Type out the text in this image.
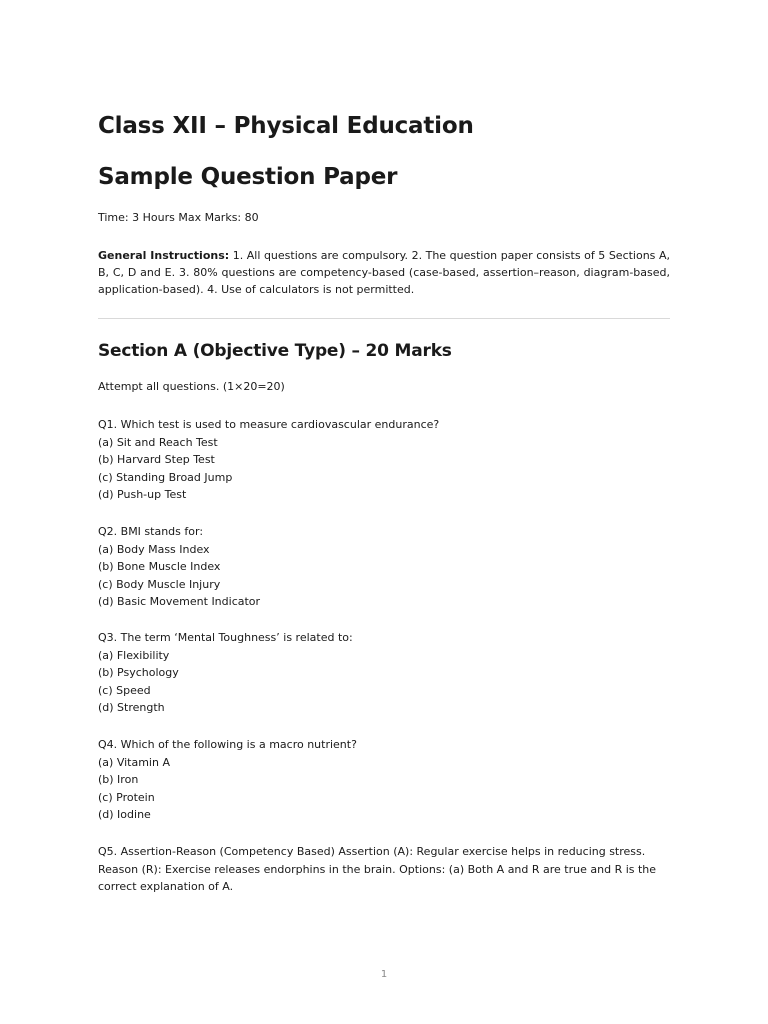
Class XII – Physical Education
Sample Question Paper
Time: 3 Hours Max Marks: 80
General Instructions: 1. All questions are compulsory. 2. The question paper consists of 5 Sections A, B, C, D and E. 3. 80% questions are competency-based (case-based, assertion–reason, diagram-based, application-based). 4. Use of calculators is not permitted.
Section A (Objective Type) – 20 Marks
Attempt all questions. (1×20=20)
Q1. Which test is used to measure cardiovascular endurance?
(a) Sit and Reach Test
(b) Harvard Step Test
(c) Standing Broad Jump
(d) Push-up Test
Q2. BMI stands for:
(a) Body Mass Index
(b) Bone Muscle Index
(c) Body Muscle Injury
(d) Basic Movement Indicator
Q3. The term ‘Mental Toughness’ is related to:
(a) Flexibility
(b) Psychology
(c) Speed
(d) Strength
Q4. Which of the following is a macro nutrient?
(a) Vitamin A
(b) Iron
(c) Protein
(d) Iodine
Q5. Assertion-Reason (Competency Based) Assertion (A): Regular exercise helps in reducing stress.
Reason (R): Exercise releases endorphins in the brain. Options: (a) Both A and R are true and R is the correct explanation of A.
1
